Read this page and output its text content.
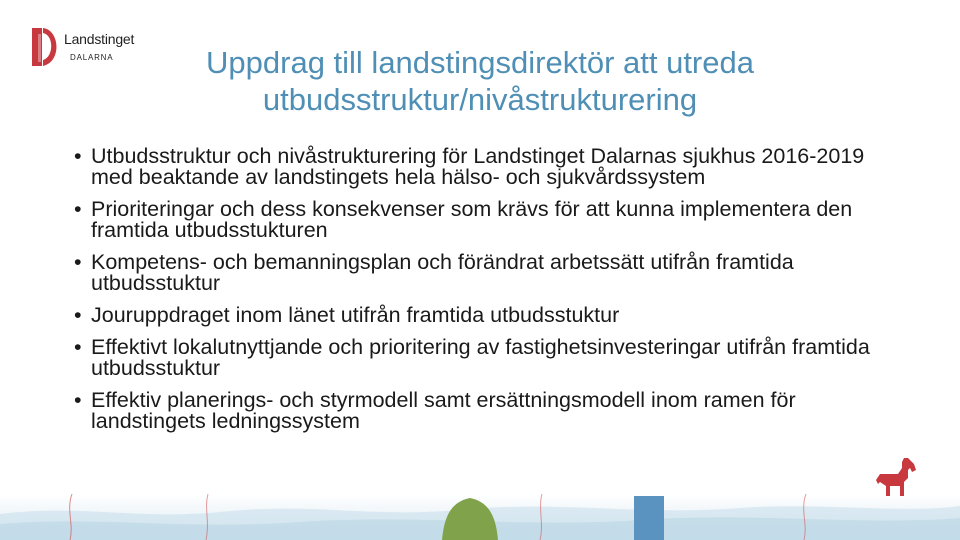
Landstinget
DALARNA	Uppdrag till landstingsdirektör att utreda
utbudsstruktur/nivåstrukturering
• Utbudsstruktur och nivåstrukturering för Landstinget Dalarnas sjukhus 2016-2019 med beaktande av landstingets hela hälso- och sjukvårdssystem
• Prioriteringar och dess konsekvenser som krävs för att kunna implementera den framtida utbudsstukturen
• Kompetens- och bemanningsplan och förändrat arbetssätt utifrån framtida utbudsstuktur
• Jouruppdraget inom länet utifrån framtida utbudsstuktur
• Effektivt lokalutnyttjande och prioritering av fastighetsinvesteringar utifrån framtida utbudsstuktur
• Effektiv planerings- och styrmodell samt ersättningsmodell inom ramen för landstingets ledningssystem
